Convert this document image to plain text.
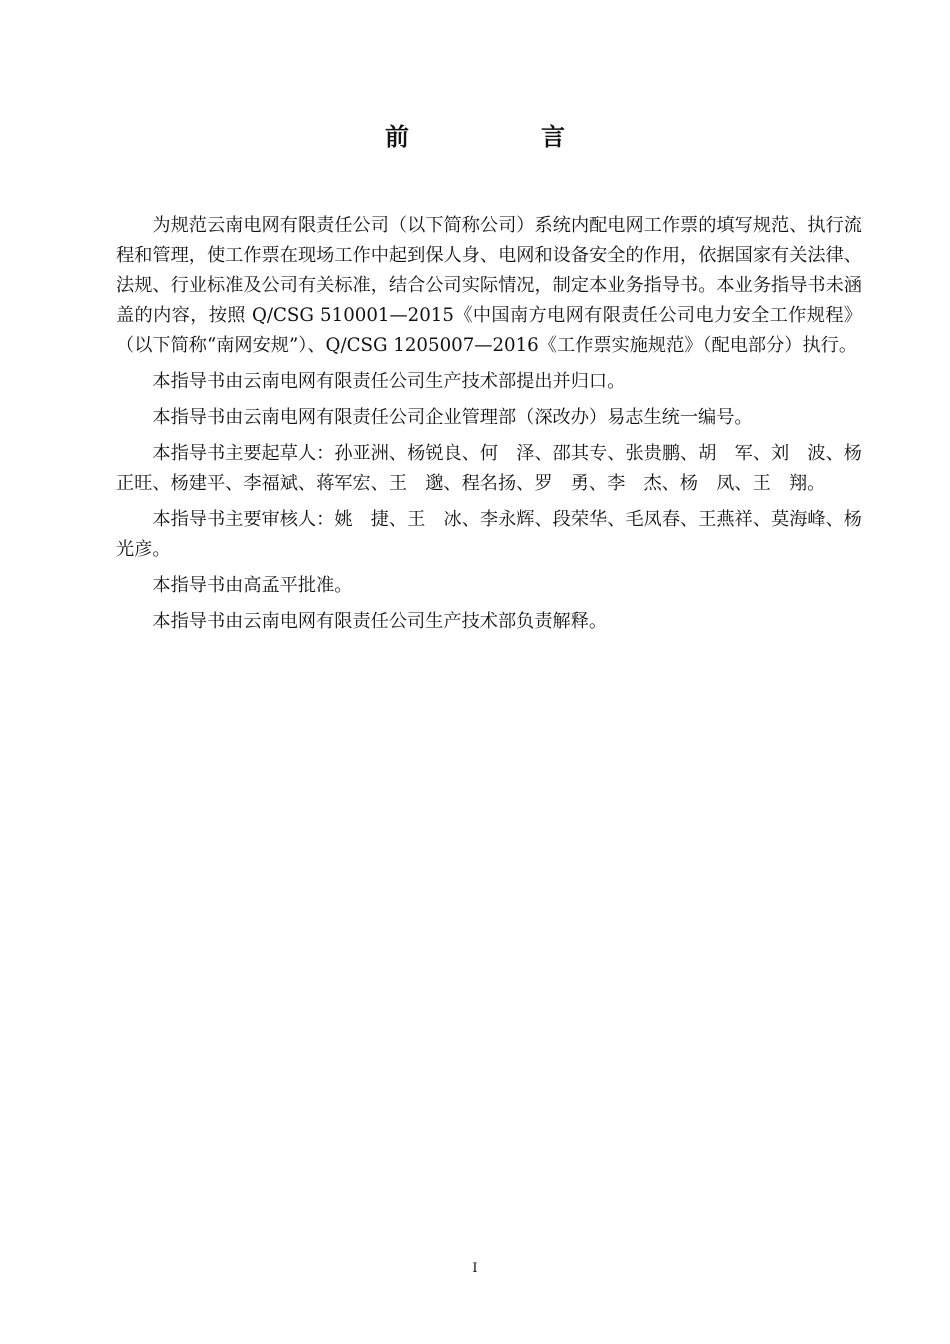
前　言

为规范云南电网有限责任公司（以下简称公司）系统内配电网工作票的填写规范、执行流程和管理，使工作票在现场工作中起到保人身、电网和设备安全的作用，依据国家有关法律、法规、行业标准及公司有关标准，结合公司实际情况，制定本业务指导书。本业务指导书未涵盖的内容，按照 Q/CSG 510001—2015《中国南方电网有限责任公司电力安全工作规程》（以下简称“南网安规”）、Q/CSG 1205007—2016《工作票实施规范》（配电部分）执行。

本指导书由云南电网有限责任公司生产技术部提出并归口。

本指导书由云南电网有限责任公司企业管理部（深改办）易志生统一编号。

本指导书主要起草人：孙亚洲、杨锐良、何　泽、邵其专、张贵鹏、胡　军、刘　波、杨正旺、杨建平、李福斌、蒋军宏、王　邈、程名扬、罗　勇、李　杰、杨　凤、王　翔。

本指导书主要审核人：姚　捷、王　冰、李永辉、段荣华、毛凤春、王燕祥、莫海峰、杨光彦。

本指导书由高孟平批准。

本指导书由云南电网有限责任公司生产技术部负责解释。

I
